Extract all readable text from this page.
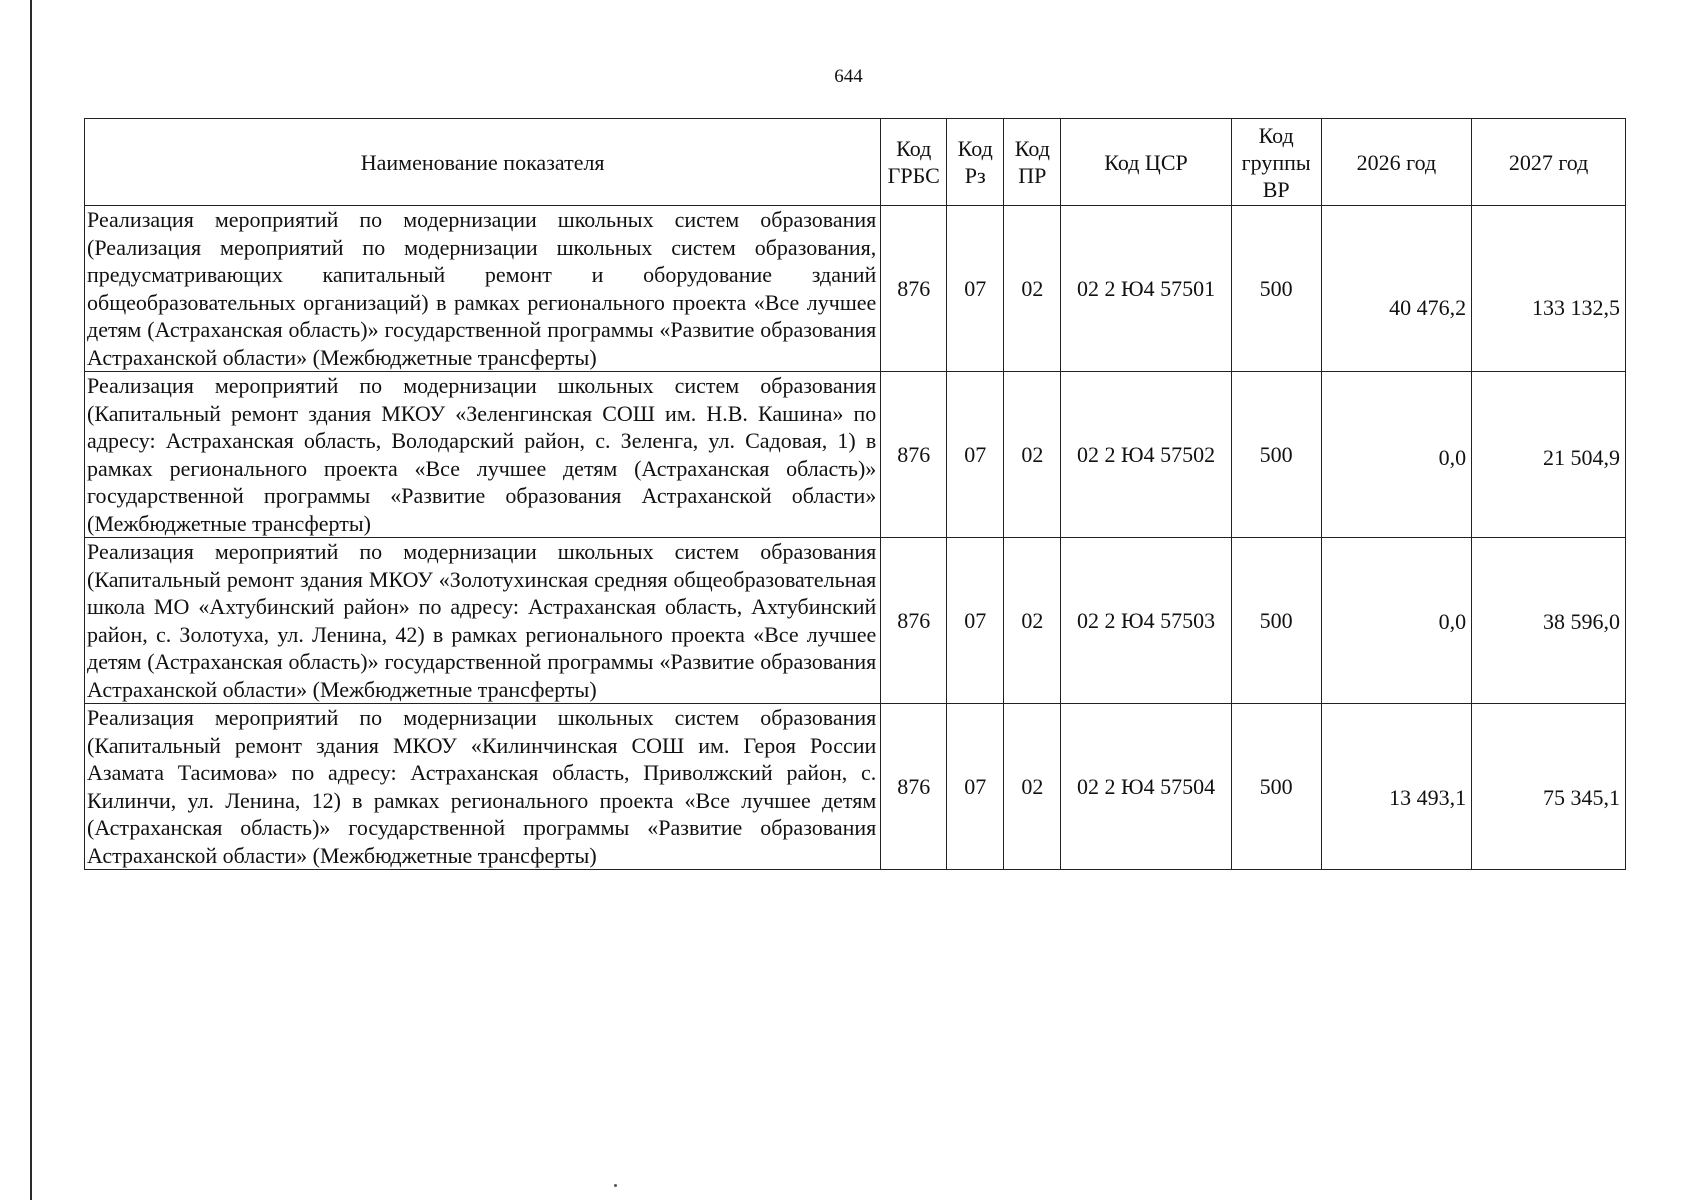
644
Наименование показателя	Код ГРБС	Код Рз	Код ПР	Код ЦСР	Код группы ВР	2026 год	2027 год
Реализация мероприятий по модернизации школьных систем образования (Реализация мероприятий по модернизации школьных систем образования, предусматривающих капитальный ремонт и оборудование зданий общеобразовательных организаций) в рамках регионального проекта «Все лучшее детям (Астраханская область)» государственной программы «Развитие образования Астраханской области» (Межбюджетные трансферты)	876	07	02	02 2 Ю4 57501	500	40 476,2	133 132,5
Реализация мероприятий по модернизации школьных систем образования (Капитальный ремонт здания МКОУ «Зеленгинская СОШ им. Н.В. Кашина» по адресу: Астраханская область, Володарский район, с. Зеленга, ул. Садовая, 1) в рамках регионального проекта «Все лучшее детям (Астраханская область)» государственной программы «Развитие образования Астраханской области» (Межбюджетные трансферты)	876	07	02	02 2 Ю4 57502	500	0,0	21 504,9
Реализация мероприятий по модернизации школьных систем образования (Капитальный ремонт здания МКОУ «Золотухинская средняя общеобразовательная школа МО «Ахтубинский район» по адресу: Астраханская область, Ахтубинский район, с. Золотуха, ул. Ленина, 42) в рамках регионального проекта «Все лучшее детям (Астраханская область)» государственной программы «Развитие образования Астраханской области» (Межбюджетные трансферты)	876	07	02	02 2 Ю4 57503	500	0,0	38 596,0
Реализация мероприятий по модернизации школьных систем образования (Капитальный ремонт здания МКОУ «Килинчинская СОШ им. Героя России Азамата Тасимова» по адресу: Астраханская область, Приволжский район, с. Килинчи, ул. Ленина, 12) в рамках регионального проекта «Все лучшее детям (Астраханская область)» государственной программы «Развитие образования Астраханской области» (Межбюджетные трансферты)	876	07	02	02 2 Ю4 57504	500	13 493,1	75 345,1
